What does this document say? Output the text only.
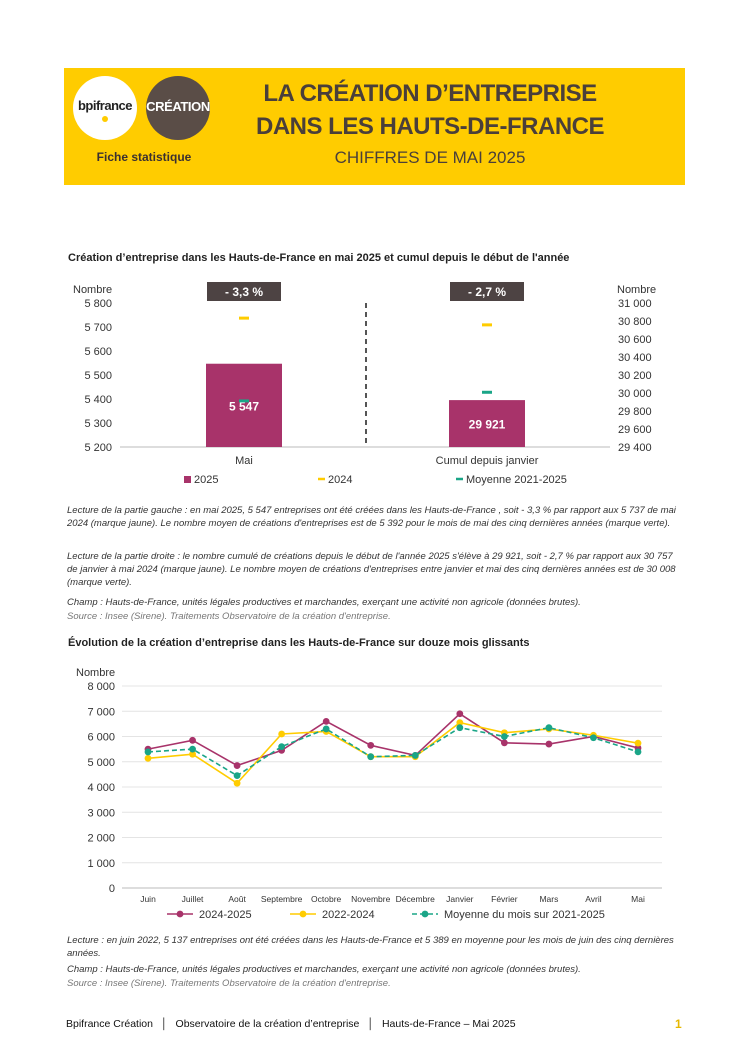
bpifrance	CRÉATION
Fiche statistique
LA CRÉATION D’ENTREPRISE
DANS LES HAUTS-DE-FRANCE
CHIFFRES DE MAI 2025
Création d’entreprise dans les Hauts-de-France en mai 2025 et cumul depuis le début de l'année
Nombre	Nombre
5 200
5 300
5 400
5 500
5 600
5 700
5 800
29 400
29 600
29 800
30 000
30 200
30 400
30 600
30 800
31 000
5 547
- 3,3 %
Mai
29 921
- 2,7 %
Cumul depuis janvier
2025	2024	Moyenne 2021-2025
Lecture de la partie gauche : en mai 2025, 5 547 entreprises ont été créées dans les Hauts-de-France , soit - 3,3 % par rapport aux 5 737 de mai 2024 (marque jaune). Le nombre moyen de créations d'entreprises est de 5 392 pour le mois de mai des cinq dernières années (marque verte).
Lecture de la partie droite : le nombre cumulé de créations depuis le début de l'année 2025 s'élève à 29 921, soit - 2,7 % par rapport aux 30 757 de janvier à mai 2024 (marque jaune). Le nombre moyen de créations d'entreprises entre janvier et mai des cinq dernières années est de 30 008 (marque verte).
Champ : Hauts-de-France, unités légales productives et marchandes, exerçant une activité non agricole (données brutes).
Source : Insee (Sirene). Traitements Observatoire de la création d'entreprise.
Évolution de la création d’entreprise dans les Hauts-de-France sur douze mois glissants
Nombre
0
1 000
2 000
3 000
4 000
5 000
6 000
7 000
8 000
Juin	Juillet	Août Septembre Octobre Novembre Décembre Janvier Février	Mars	Avril	Mai
2024-2025	2022-2024	Moyenne du mois sur 2021-2025
Lecture : en juin 2022, 5 137 entreprises ont été créées dans les Hauts-de-France et 5 389 en moyenne pour les mois de juin des cinq dernières années.
Champ : Hauts-de-France, unités légales productives et marchandes, exerçant une activité non agricole (données brutes).
Source : Insee (Sirene). Traitements Observatoire de la création d'entreprise.
Bpifrance Création │ Observatoire de la création d’entreprise │ Hauts-de-France – Mai 2025	1
